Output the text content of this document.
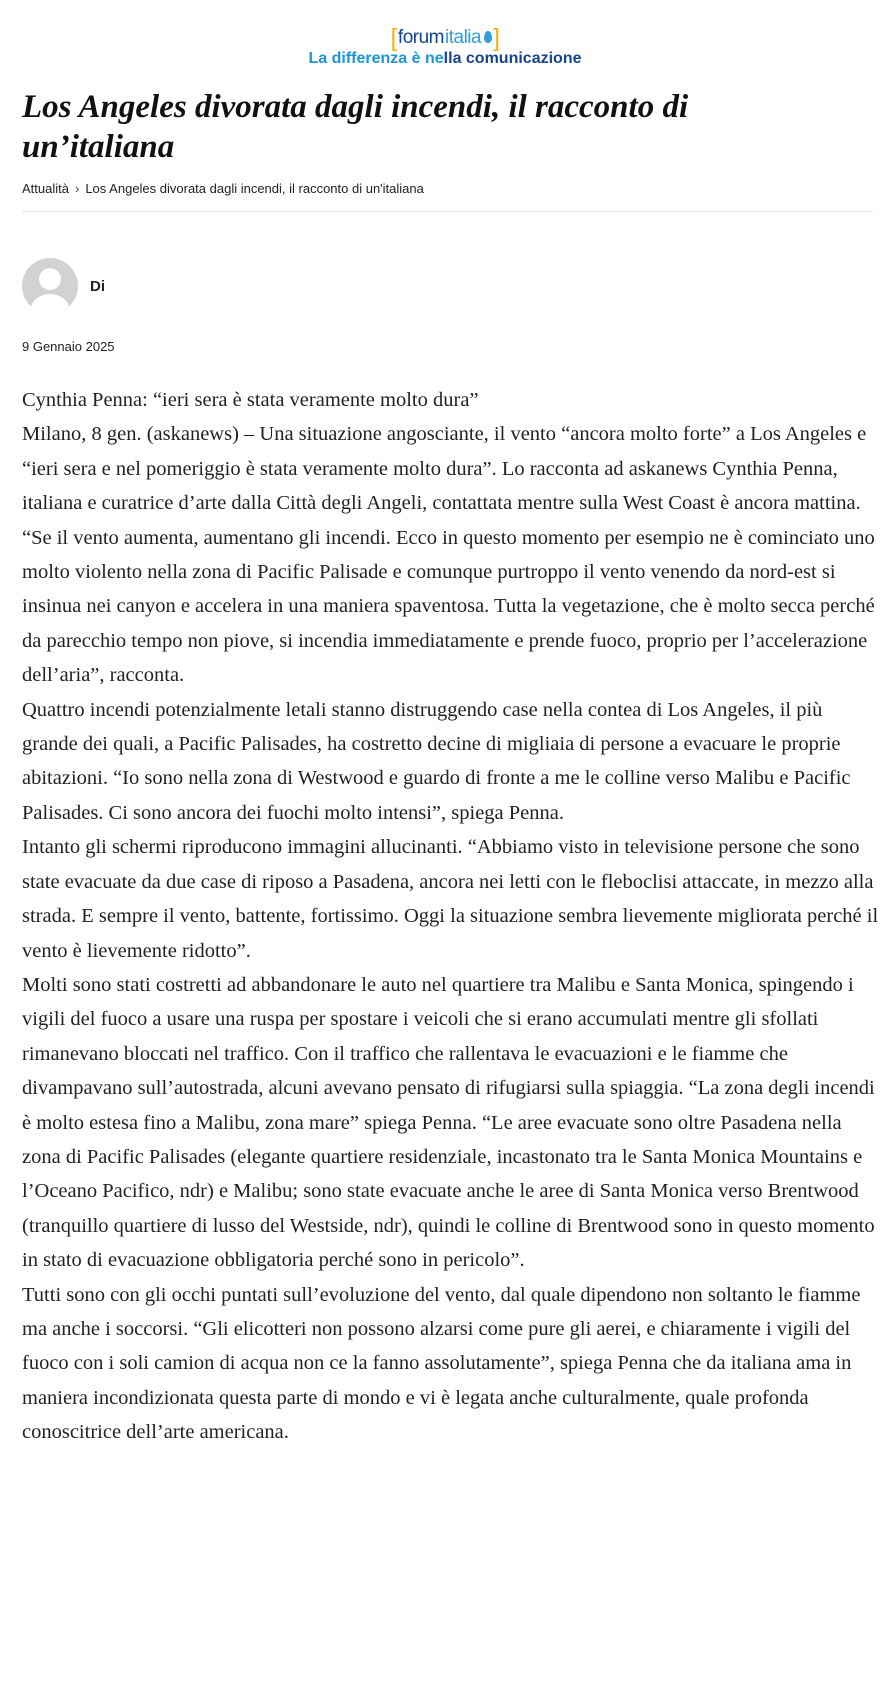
[ forum italia ]
La differenza è nella comunicazione
Los Angeles divorata dagli incendi, il racconto di un’italiana
Attualità › Los Angeles divorata dagli incendi, il racconto di un'italiana
Di
9 Gennaio 2025

Cynthia Penna: “ieri sera è stata veramente molto dura”

Milano, 8 gen. (askanews) – Una situazione angosciante, il vento “ancora molto forte” a Los Angeles e “ieri sera e nel pomeriggio è stata veramente molto dura”. Lo racconta ad askanews Cynthia Penna, italiana e curatrice d’arte dalla Città degli Angeli, contattata mentre sulla West Coast è ancora mattina. “Se il vento aumenta, aumentano gli incendi. Ecco in questo momento per esempio ne è cominciato uno molto violento nella zona di Pacific Palisade e comunque purtroppo il vento venendo da nord-est si insinua nei canyon e accelera in una maniera spaventosa. Tutta la vegetazione, che è molto secca perché da parecchio tempo non piove, si incendia immediatamente e prende fuoco, proprio per l’accelerazione dell’aria”, racconta.

Quattro incendi potenzialmente letali stanno distruggendo case nella contea di Los Angeles, il più grande dei quali, a Pacific Palisades, ha costretto decine di migliaia di persone a evacuare le proprie abitazioni. “Io sono nella zona di Westwood e guardo di fronte a me le colline verso Malibu e Pacific Palisades. Ci sono ancora dei fuochi molto intensi”, spiega Penna.

Intanto gli schermi riproducono immagini allucinanti. “Abbiamo visto in televisione persone che sono state evacuate da due case di riposo a Pasadena, ancora nei letti con le fleboclisi attaccate, in mezzo alla strada. E sempre il vento, battente, fortissimo. Oggi la situazione sembra lievemente migliorata perché il vento è lievemente ridotto”.

Molti sono stati costretti ad abbandonare le auto nel quartiere tra Malibu e Santa Monica, spingendo i vigili del fuoco a usare una ruspa per spostare i veicoli che si erano accumulati mentre gli sfollati rimanevano bloccati nel traffico. Con il traffico che rallentava le evacuazioni e le fiamme che divampavano sull’autostrada, alcuni avevano pensato di rifugiarsi sulla spiaggia. “La zona degli incendi è molto estesa fino a Malibu, zona mare” spiega Penna. “Le aree evacuate sono oltre Pasadena nella zona di Pacific Palisades (elegante quartiere residenziale, incastonato tra le Santa Monica Mountains e l’Oceano Pacifico, ndr) e Malibu; sono state evacuate anche le aree di Santa Monica verso Brentwood (tranquillo quartiere di lusso del Westside, ndr), quindi le colline di Brentwood sono in questo momento in stato di evacuazione obbligatoria perché sono in pericolo”.

Tutti sono con gli occhi puntati sull’evoluzione del vento, dal quale dipendono non soltanto le fiamme ma anche i soccorsi. “Gli elicotteri non possono alzarsi come pure gli aerei, e chiaramente i vigili del fuoco con i soli camion di acqua non ce la fanno assolutamente”, spiega Penna che da italiana ama in maniera incondizionata questa parte di mondo e vi è legata anche culturalmente, quale profonda conoscitrice dell’arte americana.
